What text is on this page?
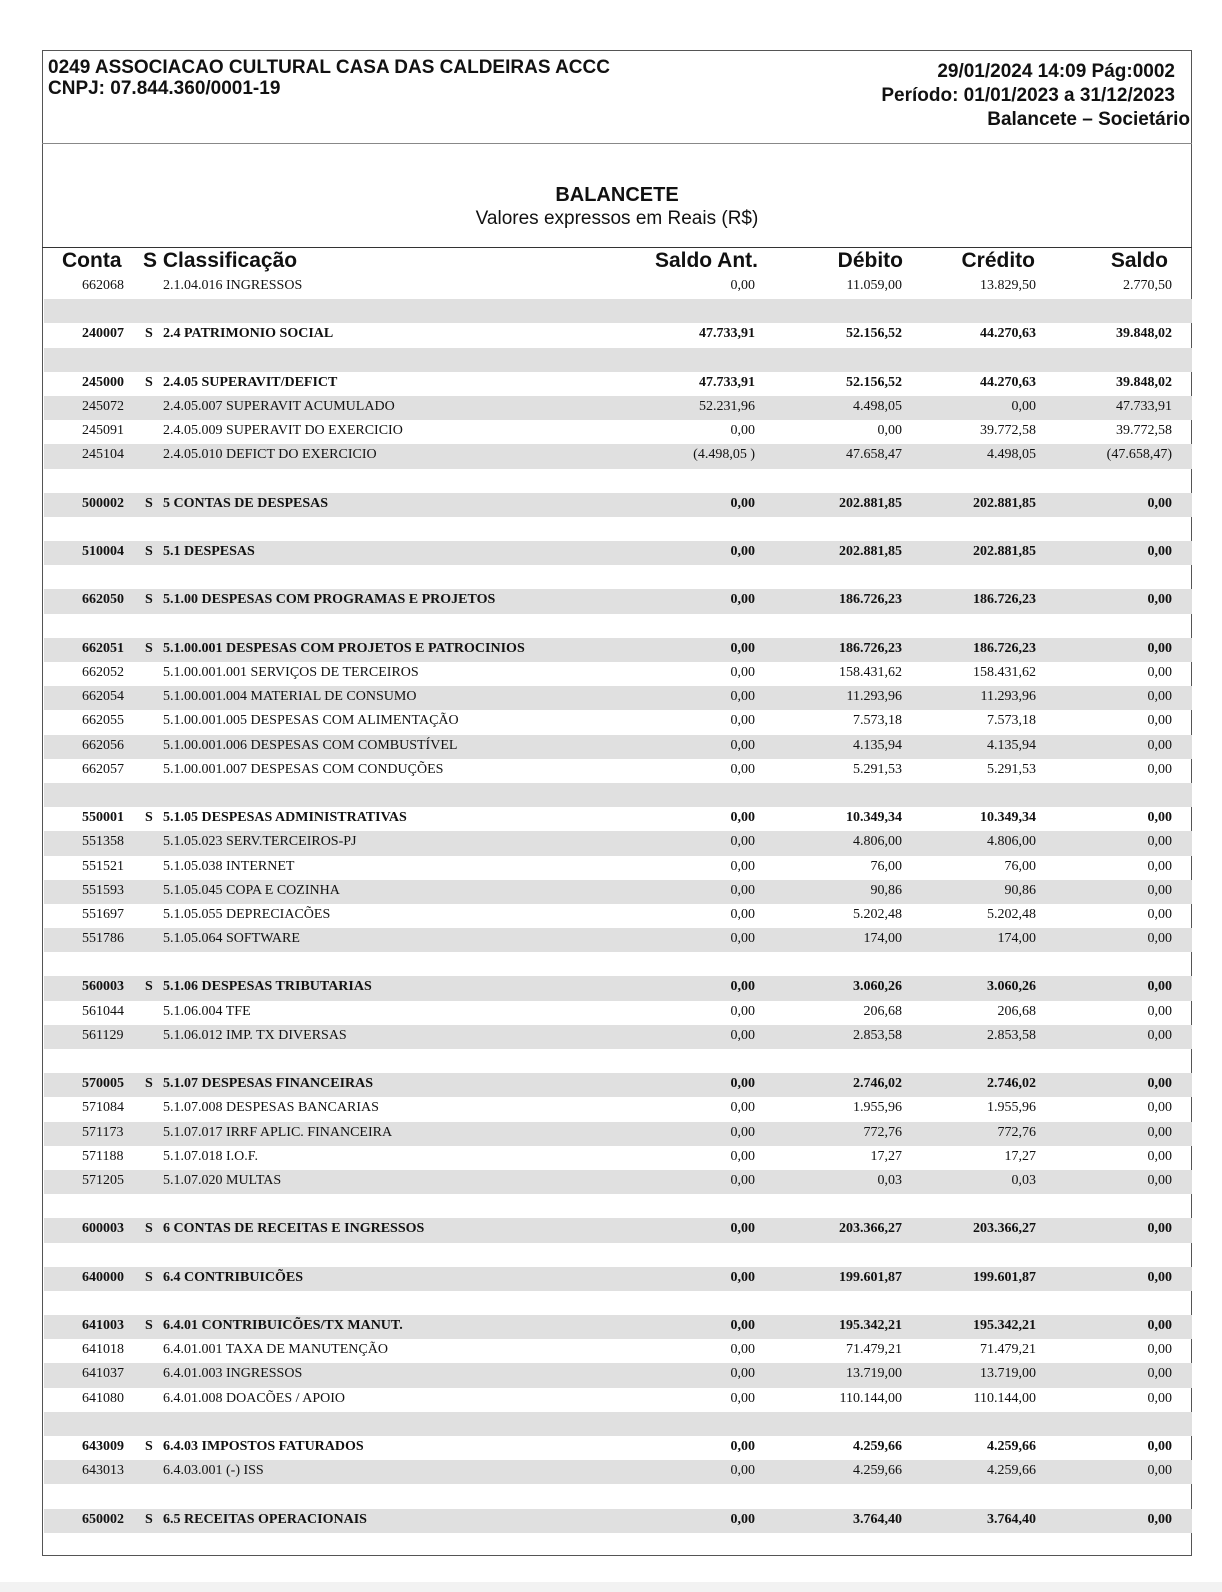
0249 ASSOCIACAO CULTURAL CASA DAS CALDEIRAS ACCC
CNPJ: 07.844.360/0001-19
29/01/2024 14:09 Pág:0002
Período: 01/01/2023 a 31/12/2023
Balancete – Societário
BALANCETE
Valores expressos em Reais (R$)
Conta S Classificação	Saldo Ant.	Débito	Crédito	Saldo
662068	2.1.04.016 INGRESSOS	0,00	11.059,00	13.829,50	2.770,50
240007 S 2.4 PATRIMONIO SOCIAL	47.733,91	52.156,52	44.270,63	39.848,02
245000 S 2.4.05 SUPERAVIT/DEFICT	47.733,91	52.156,52	44.270,63	39.848,02
245072	2.4.05.007 SUPERAVIT ACUMULADO	52.231,96	4.498,05	0,00	47.733,91
245091	2.4.05.009 SUPERAVIT DO EXERCICIO	0,00	0,00	39.772,58	39.772,58
245104	2.4.05.010 DEFICT DO EXERCICIO	(4.498,05 )	47.658,47	4.498,05	(47.658,47)
500002 S 5 CONTAS DE DESPESAS	0,00	202.881,85	202.881,85	0,00
510004 S 5.1 DESPESAS	0,00	202.881,85	202.881,85	0,00
662050 S 5.1.00 DESPESAS COM PROGRAMAS E PROJETOS	0,00	186.726,23	186.726,23	0,00
662051 S 5.1.00.001 DESPESAS COM PROJETOS E PATROCINIOS	0,00	186.726,23	186.726,23	0,00
662052	5.1.00.001.001 SERVIÇOS DE TERCEIROS	0,00	158.431,62	158.431,62	0,00
662054	5.1.00.001.004 MATERIAL DE CONSUMO	0,00	11.293,96	11.293,96	0,00
662055	5.1.00.001.005 DESPESAS COM ALIMENTAÇÃO	0,00	7.573,18	7.573,18	0,00
662056	5.1.00.001.006 DESPESAS COM COMBUSTÍVEL	0,00	4.135,94	4.135,94	0,00
662057	5.1.00.001.007 DESPESAS COM CONDUÇÕES	0,00	5.291,53	5.291,53	0,00
550001 S 5.1.05 DESPESAS ADMINISTRATIVAS	0,00	10.349,34	10.349,34	0,00
551358	5.1.05.023 SERV.TERCEIROS-PJ	0,00	4.806,00	4.806,00	0,00
551521	5.1.05.038 INTERNET	0,00	76,00	76,00	0,00
551593	5.1.05.045 COPA E COZINHA	0,00	90,86	90,86	0,00
551697	5.1.05.055 DEPRECIACÕES	0,00	5.202,48	5.202,48	0,00
551786	5.1.05.064 SOFTWARE	0,00	174,00	174,00	0,00
560003 S 5.1.06 DESPESAS TRIBUTARIAS	0,00	3.060,26	3.060,26	0,00
561044	5.1.06.004 TFE	0,00	206,68	206,68	0,00
561129	5.1.06.012 IMP. TX DIVERSAS	0,00	2.853,58	2.853,58	0,00
570005 S 5.1.07 DESPESAS FINANCEIRAS	0,00	2.746,02	2.746,02	0,00
571084	5.1.07.008 DESPESAS BANCARIAS	0,00	1.955,96	1.955,96	0,00
571173	5.1.07.017 IRRF APLIC. FINANCEIRA	0,00	772,76	772,76	0,00
571188	5.1.07.018 I.O.F.	0,00	17,27	17,27	0,00
571205	5.1.07.020 MULTAS	0,00	0,03	0,03	0,00
600003 S 6 CONTAS DE RECEITAS E INGRESSOS	0,00	203.366,27	203.366,27	0,00
640000 S 6.4 CONTRIBUICÕES	0,00	199.601,87	199.601,87	0,00
641003 S 6.4.01 CONTRIBUICÕES/TX MANUT.	0,00	195.342,21	195.342,21	0,00
641018	6.4.01.001 TAXA DE MANUTENÇÃO	0,00	71.479,21	71.479,21	0,00
641037	6.4.01.003 INGRESSOS	0,00	13.719,00	13.719,00	0,00
641080	6.4.01.008 DOACÕES / APOIO	0,00	110.144,00	110.144,00	0,00
643009 S 6.4.03 IMPOSTOS FATURADOS	0,00	4.259,66	4.259,66	0,00
643013	6.4.03.001 (-) ISS	0,00	4.259,66	4.259,66	0,00
650002 S 6.5 RECEITAS OPERACIONAIS	0,00	3.764,40	3.764,40	0,00
